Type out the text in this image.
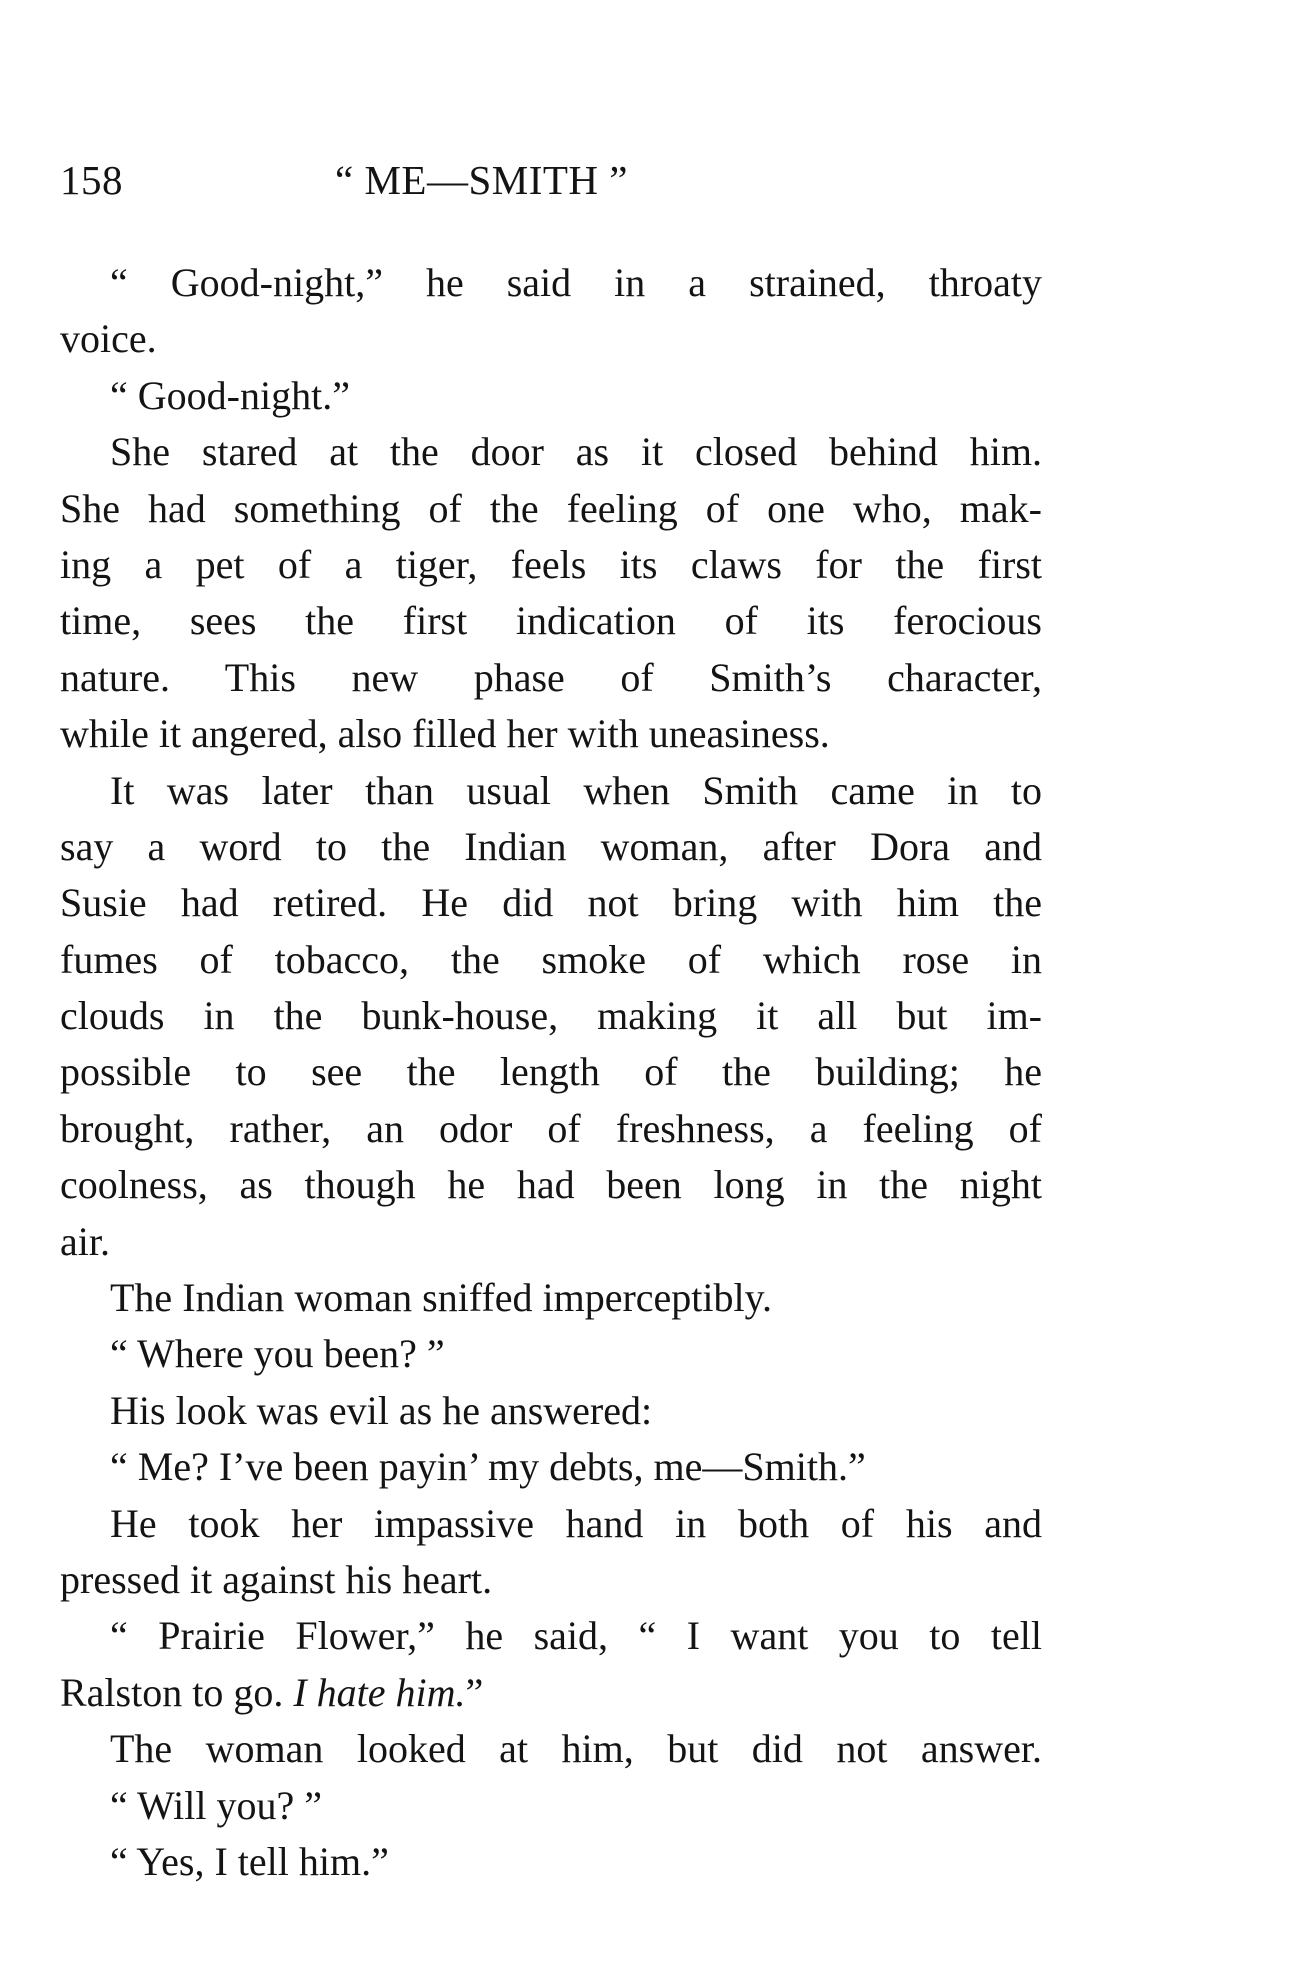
158	“ ME—SMITH ”
“ Good-night,” he said in a strained, throaty
voice.
“ Good-night.”
She stared at the door as it closed behind him.
She had something of the feeling of one who, mak-
ing a pet of a tiger, feels its claws for the first
time, sees the first indication of its ferocious
nature. This new phase of Smith’s character,
while it angered, also filled her with uneasiness.
It was later than usual when Smith came in to
say a word to the Indian woman, after Dora and
Susie had retired. He did not bring with him the
fumes of tobacco, the smoke of which rose in
clouds in the bunk-house, making it all but im-
possible to see the length of the building; he
brought, rather, an odor of freshness, a feeling of
coolness, as though he had been long in the night
air.
The Indian woman sniffed imperceptibly.
“ Where you been? ”
His look was evil as he answered:
“ Me? I’ve been payin’ my debts, me—Smith.”
He took her impassive hand in both of his and
pressed it against his heart.
“ Prairie Flower,” he said, “ I want you to tell
Ralston to go. I hate him.”
The woman looked at him, but did not answer.
“ Will you? ”
“ Yes, I tell him.”
